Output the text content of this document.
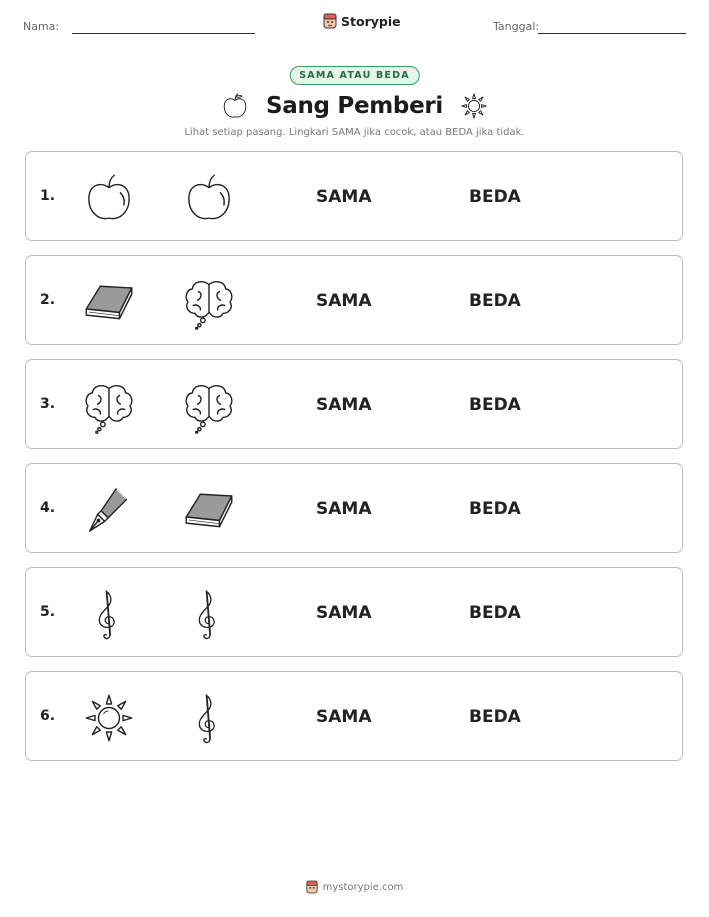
Nama:	Storypie	Tanggal:
SAMA ATAU BEDA
Sang Pemberi
Lihat setiap pasang. Lingkari SAMA jika cocok, atau BEDA jika tidak.
1.	SAMA	BEDA
2.	SAMA	BEDA
3.	SAMA	BEDA
4.	SAMA	BEDA
5.	SAMA	BEDA
6.	SAMA	BEDA
mystorypie.com
